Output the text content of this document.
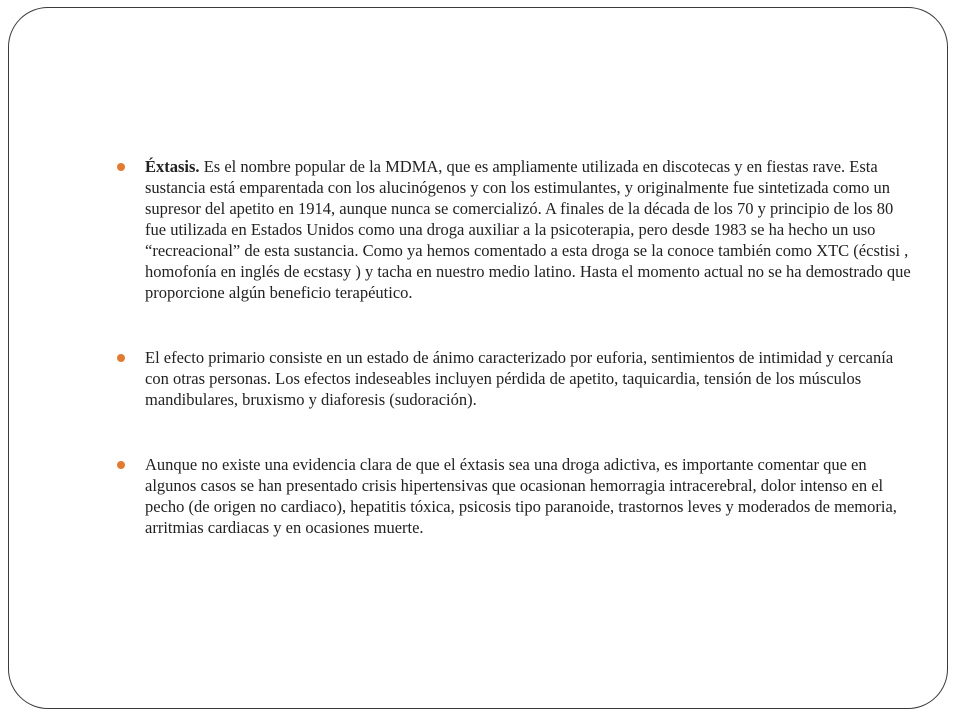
Éxtasis. Es el nombre popular de la MDMA, que es ampliamente utilizada en discotecas y en fiestas rave. Esta sustancia está emparentada con los alucinógenos y con los estimulantes, y originalmente fue sintetizada como un supresor del apetito en 1914, aunque nunca se comercializó. A finales de la década de los 70 y principio de los 80 fue utilizada en Estados Unidos como una droga auxiliar a la psicoterapia, pero desde 1983 se ha hecho un uso “recreacional” de esta sustancia. Como ya hemos comentado a esta droga se la conoce también como XTC (écstisi , homofonía en inglés de ecstasy ) y tacha en nuestro medio latino. Hasta el momento actual no se ha demostrado que proporcione algún beneficio terapéutico.
El efecto primario consiste en un estado de ánimo caracterizado por euforia, sentimientos de intimidad y cercanía con otras personas. Los efectos indeseables incluyen pérdida de apetito, taquicardia, tensión de los músculos mandibulares, bruxismo y diaforesis (sudoración).
Aunque no existe una evidencia clara de que el éxtasis sea una droga adictiva, es importante comentar que en algunos casos se han presentado crisis hipertensivas que ocasionan hemorragia intracerebral, dolor intenso en el pecho (de origen no cardiaco), hepatitis tóxica, psicosis tipo paranoide, trastornos leves y moderados de memoria, arritmias cardiacas y en ocasiones muerte.
